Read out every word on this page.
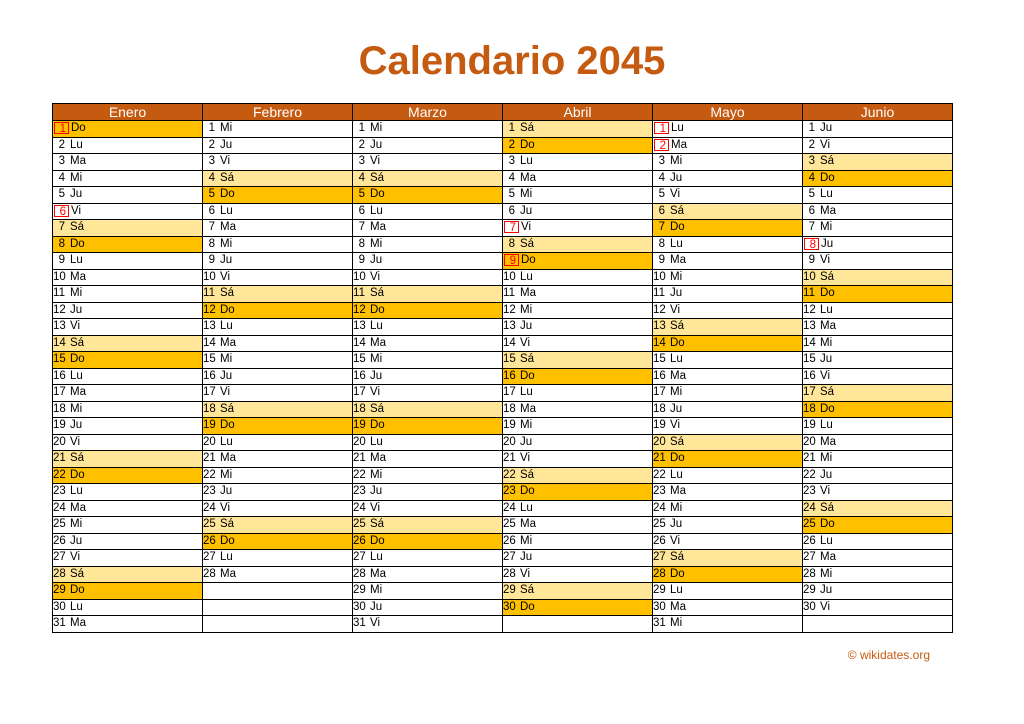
Calendario 2045
Enero	Febrero	Marzo	Abril	Mayo	Junio
1 Do	1 Mi	1 Mi	1 Sá	1 Lu	1 Ju
2 Lu	2 Ju	2 Ju	2 Do	2 Ma	2 Vi
3 Ma	3 Vi	3 Vi	3 Lu	3 Mi	3 Sá
4 Mi	4 Sá	4 Sá	4 Ma	4 Ju	4 Do
5 Ju	5 Do	5 Do	5 Mi	5 Vi	5 Lu
6 Vi	6 Lu	6 Lu	6 Ju	6 Sá	6 Ma
7 Sá	7 Ma	7 Ma	7 Vi	7 Do	7 Mi
8 Do	8 Mi	8 Mi	8 Sá	8 Lu	8 Ju
9 Lu	9 Ju	9 Ju	9 Do	9 Ma	9 Vi
10 Ma	10 Vi	10 Vi	10 Lu	10 Mi	10 Sá
11 Mi	11 Sá	11 Sá	11 Ma	11 Ju	11 Do
12 Ju	12 Do	12 Do	12 Mi	12 Vi	12 Lu
13 Vi	13 Lu	13 Lu	13 Ju	13 Sá	13 Ma
14 Sá	14 Ma	14 Ma	14 Vi	14 Do	14 Mi
15 Do	15 Mi	15 Mi	15 Sá	15 Lu	15 Ju
16 Lu	16 Ju	16 Ju	16 Do	16 Ma	16 Vi
17 Ma	17 Vi	17 Vi	17 Lu	17 Mi	17 Sá
18 Mi	18 Sá	18 Sá	18 Ma	18 Ju	18 Do
19 Ju	19 Do	19 Do	19 Mi	19 Vi	19 Lu
20 Vi	20 Lu	20 Lu	20 Ju	20 Sá	20 Ma
21 Sá	21 Ma	21 Ma	21 Vi	21 Do	21 Mi
22 Do	22 Mi	22 Mi	22 Sá	22 Lu	22 Ju
23 Lu	23 Ju	23 Ju	23 Do	23 Ma	23 Vi
24 Ma	24 Vi	24 Vi	24 Lu	24 Mi	24 Sá
25 Mi	25 Sá	25 Sá	25 Ma	25 Ju	25 Do
26 Ju	26 Do	26 Do	26 Mi	26 Vi	26 Lu
27 Vi	27 Lu	27 Lu	27 Ju	27 Sá	27 Ma
28 Sá	28 Ma	28 Ma	28 Vi	28 Do	28 Mi
29 Do		29 Mi	29 Sá	29 Lu	29 Ju
30 Lu		30 Ju	30 Do	30 Ma	30 Vi
31 Ma		31 Vi		31 Mi	
© wikidates.org
